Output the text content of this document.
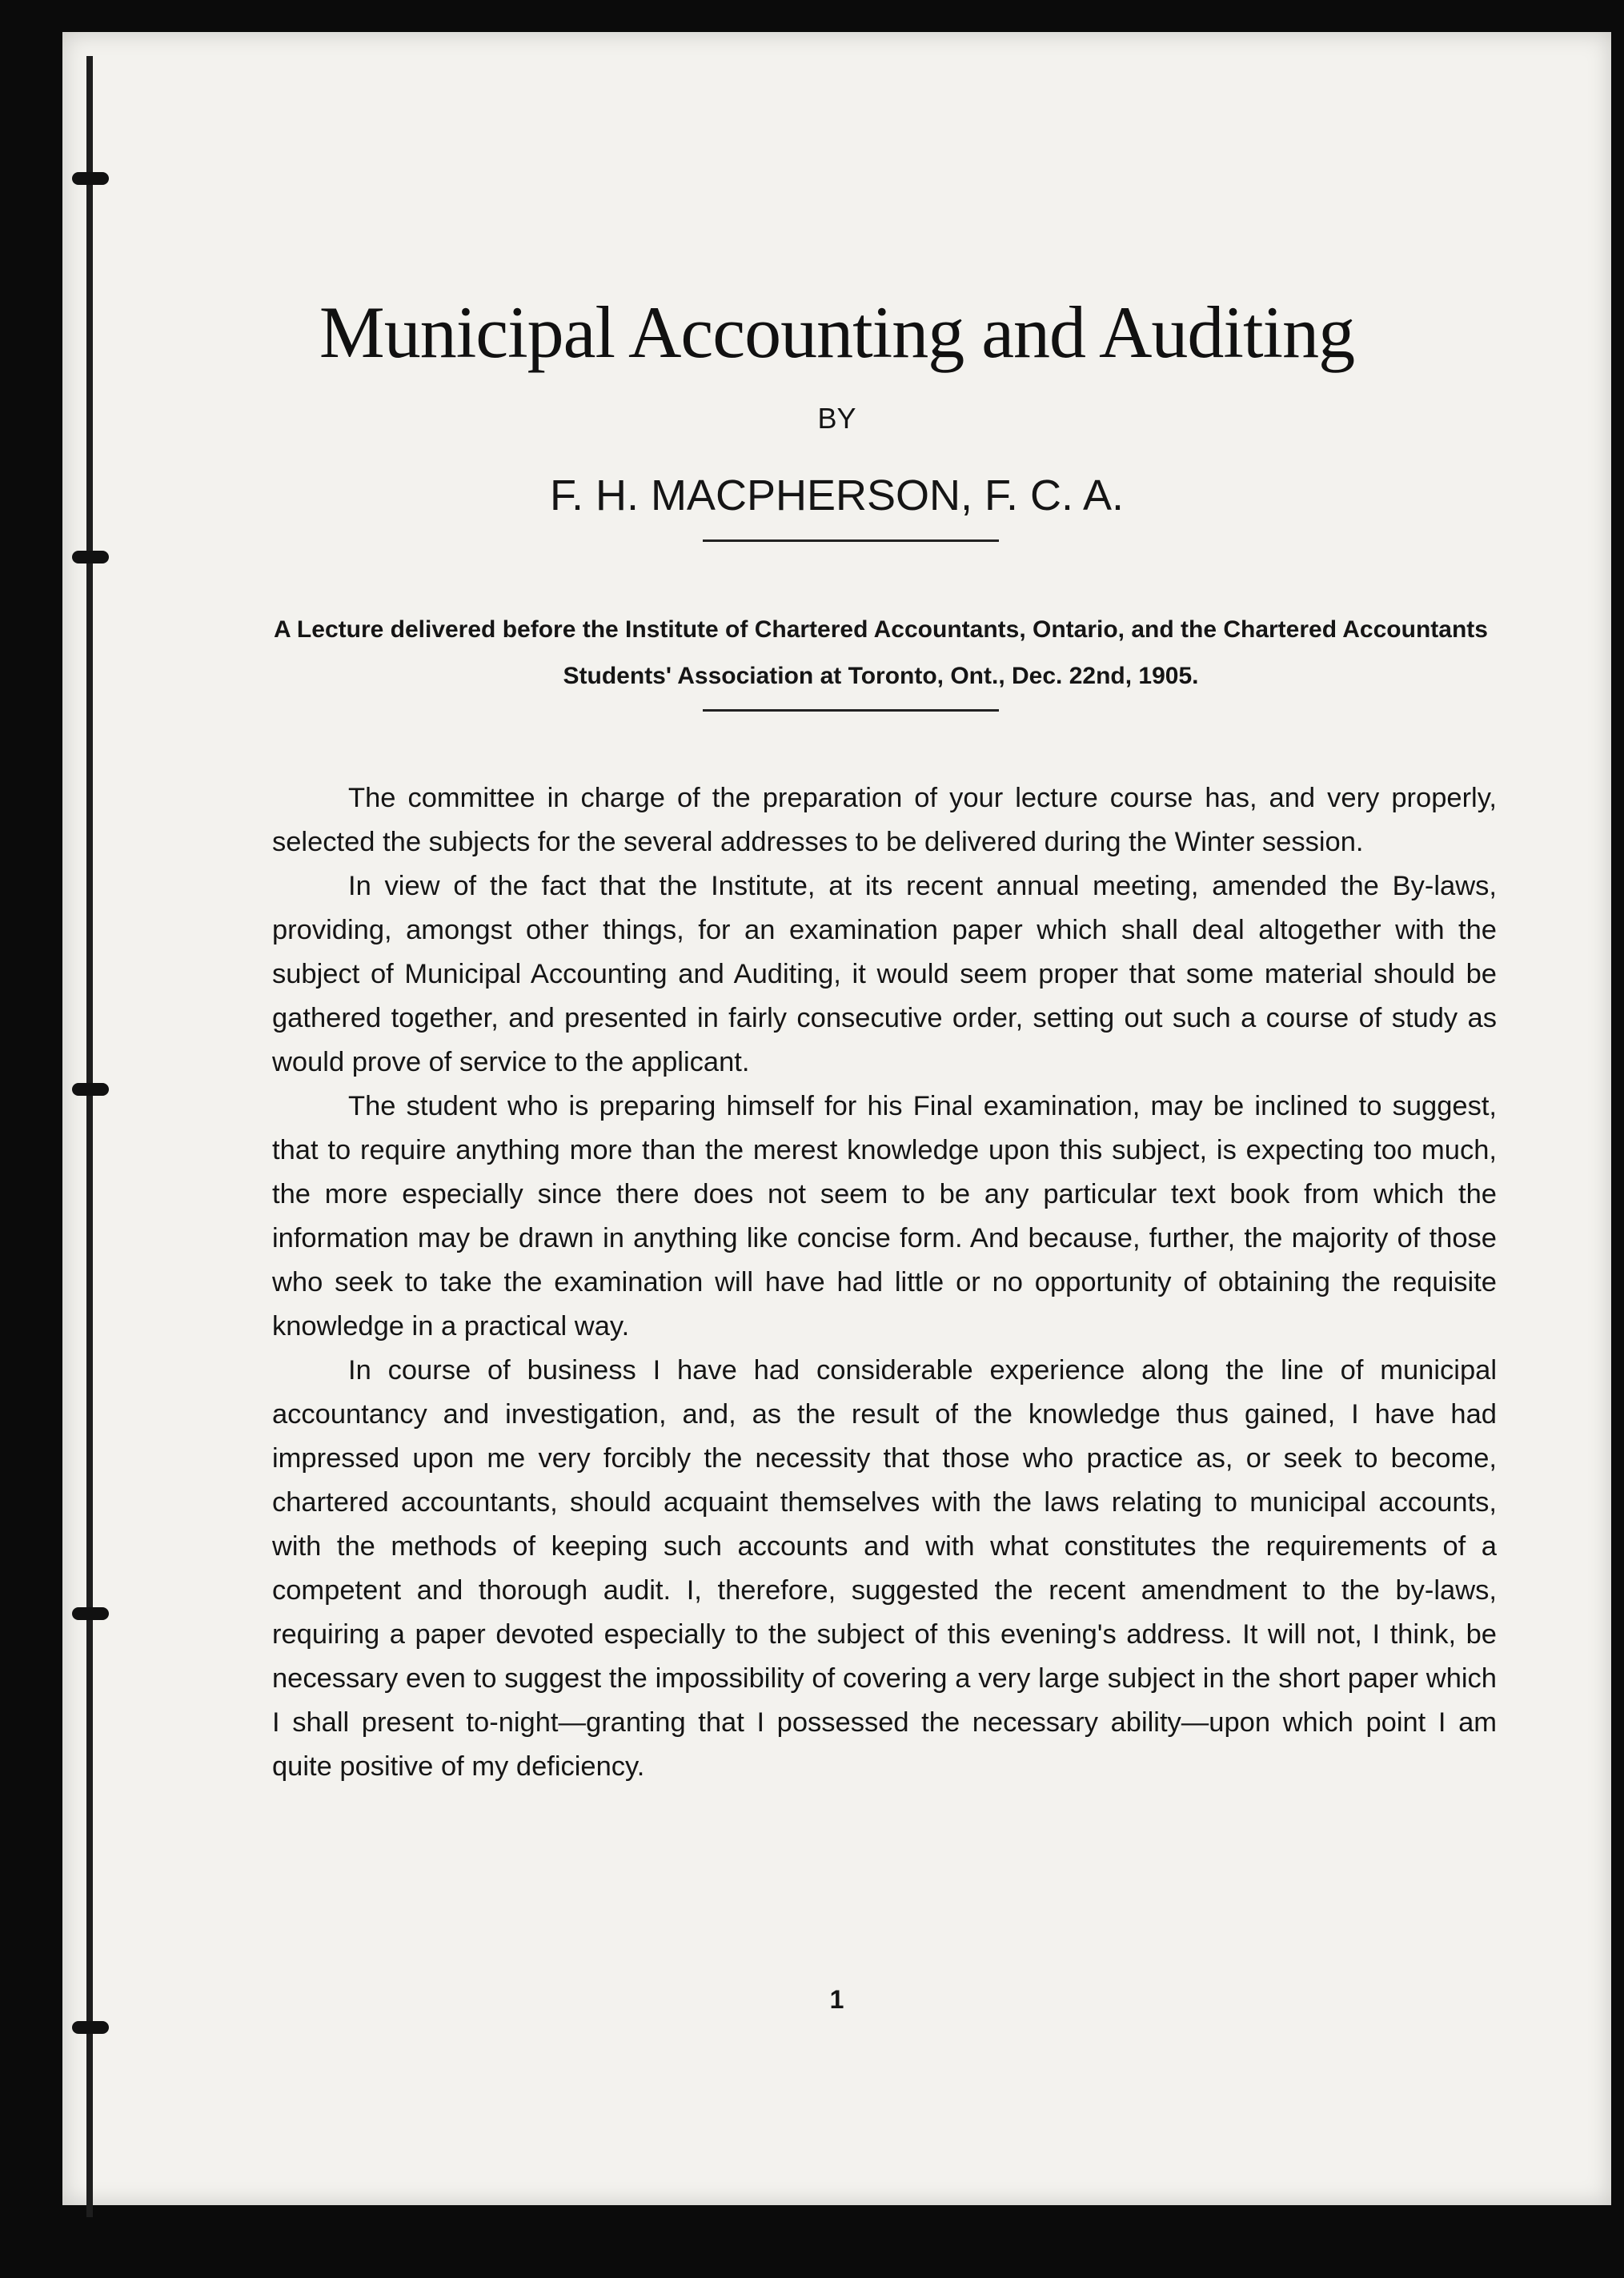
Municipal Accounting and Auditing
BY
F. H. MACPHERSON, F. C. A.
A Lecture delivered before the Institute of Chartered Accountants, Ontario, and the Chartered Accountants Students' Association at Toronto, Ont., Dec. 22nd, 1905.

The committee in charge of the preparation of your lecture course has, and very properly, selected the subjects for the several addresses to be delivered during the Winter session.

In view of the fact that the Institute, at its recent annual meeting, amended the By-laws, providing, amongst other things, for an examination paper which shall deal altogether with the subject of Municipal Accounting and Auditing, it would seem proper that some material should be gathered together, and presented in fairly consecutive order, setting out such a course of study as would prove of service to the applicant.

The student who is preparing himself for his Final examination, may be inclined to suggest, that to require anything more than the merest knowledge upon this subject, is expecting too much, the more especially since there does not seem to be any particular text book from which the information may be drawn in anything like concise form. And because, further, the majority of those who seek to take the examination will have had little or no opportunity of obtaining the requisite knowledge in a practical way.

In course of business I have had considerable experience along the line of municipal accountancy and investigation, and, as the result of the knowledge thus gained, I have had impressed upon me very forcibly the necessity that those who practice as, or seek to become, chartered accountants, should acquaint themselves with the laws relating to municipal accounts, with the methods of keeping such accounts and with what constitutes the requirements of a competent and thorough audit. I, therefore, suggested the recent amendment to the by-laws, requiring a paper devoted especially to the subject of this evening's address. It will not, I think, be necessary even to suggest the impossibility of covering a very large subject in the short paper which I shall present to-night—granting that I possessed the necessary ability—upon which point I am quite positive of my deficiency.

1
